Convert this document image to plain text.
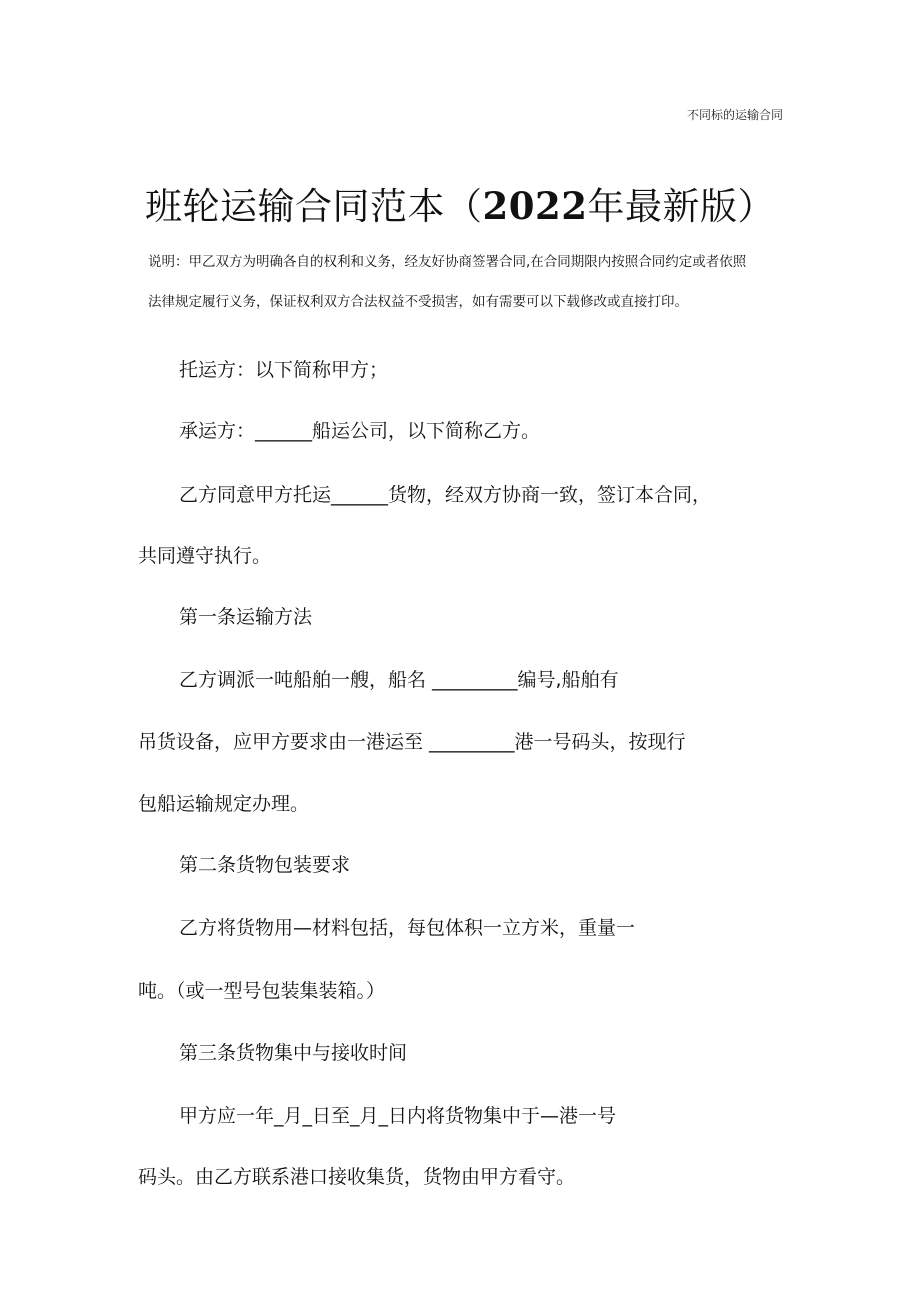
不同标的运输合同
班轮运输合同范本（2022年最新版）
说明：甲乙双方为明确各自的权利和义务，经友好协商签署合同,在合同期限内按照合同约定或者依照
法律规定履行义务，保证权利双方合法权益不受损害，如有需要可以下载修改或直接打印。
托运方：以下简称甲方；
承运方：______船运公司，以下简称乙方。
乙方同意甲方托运______货物，经双方协商一致，签订本合同，
共同遵守执行。
第一条运输方法
乙方调派一吨船舶一艘，船名 _________编号,船舶有
吊货设备，应甲方要求由一港运至 _________港一号码头，按现行
包船运输规定办理。
第二条货物包装要求
乙方将货物用—材料包括，每包体积一立方米，重量一
吨。（或一型号包装集装箱。）
第三条货物集中与接收时间
甲方应一年_月_日至_月_日内将货物集中于—港一号
码头。由乙方联系港口接收集货，货物由甲方看守。
